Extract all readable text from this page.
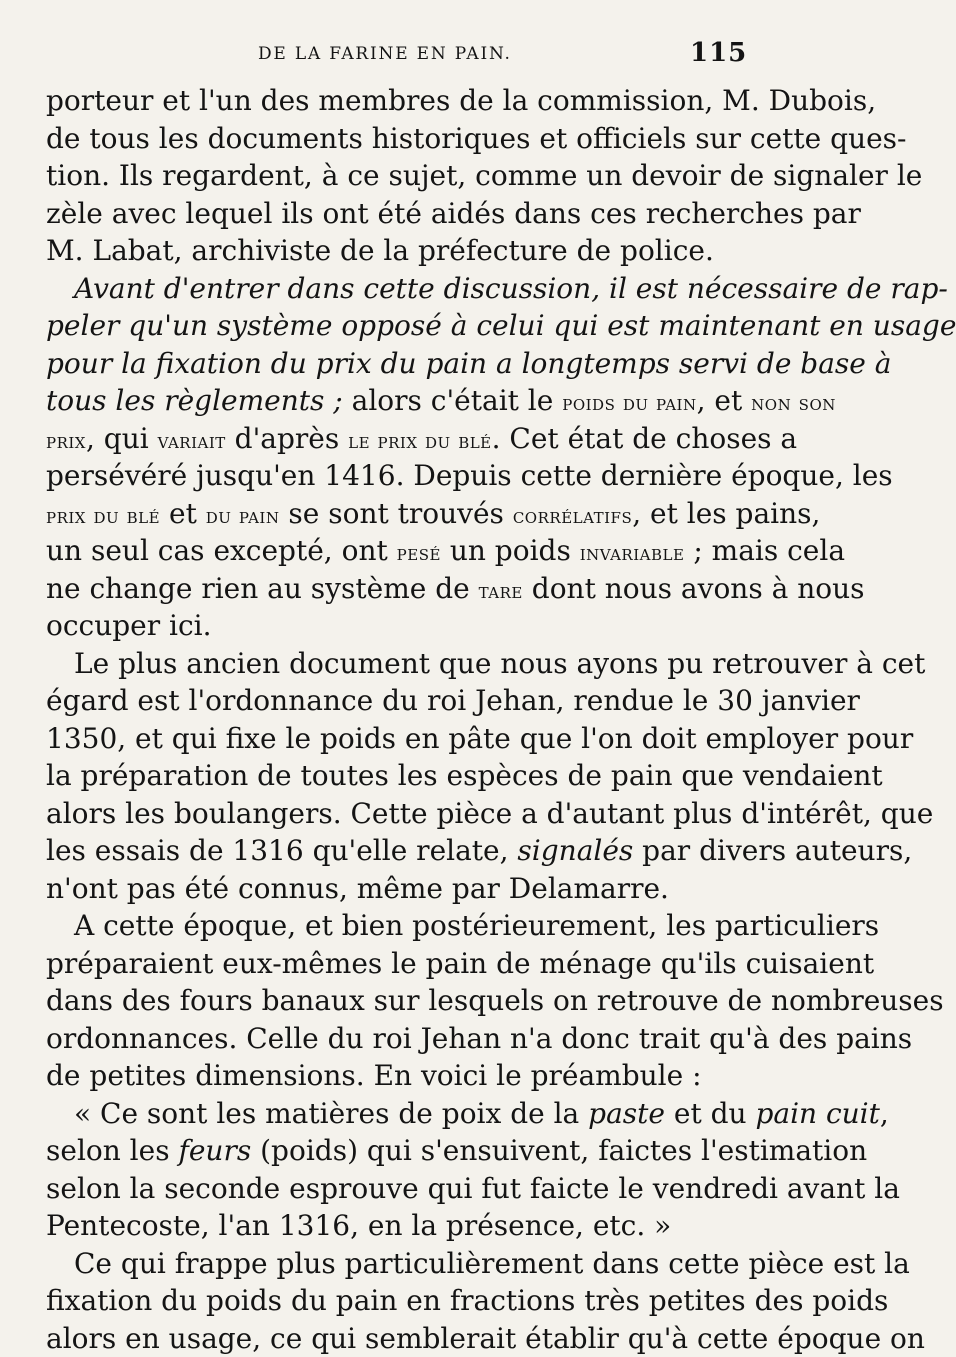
DE LA FARINE EN PAIN.	115
porteur et l'un des membres de la commission, M. Dubois,
de tous les documents historiques et officiels sur cette ques-
tion. Ils regardent, à ce sujet, comme un devoir de signaler le
zèle avec lequel ils ont été aidés dans ces recherches par
M. Labat, archiviste de la préfecture de police.
Avant d'entrer dans cette discussion, il est nécessaire de rap-
peler qu'un système opposé à celui qui est maintenant en usage
pour la fixation du prix du pain a longtemps servi de base à
tous les règlements ; alors c'était le poids du pain, et non son
prix, qui variait d'après le prix du blé. Cet état de choses a
persévéré jusqu'en 1416. Depuis cette dernière époque, les
prix du blé et du pain se sont trouvés corrélatifs, et les pains,
un seul cas excepté, ont pesé un poids invariable ; mais cela
ne change rien au système de tare dont nous avons à nous
occuper ici.
Le plus ancien document que nous ayons pu retrouver à cet
égard est l'ordonnance du roi Jehan, rendue le 30 janvier
1350, et qui fixe le poids en pâte que l'on doit employer pour
la préparation de toutes les espèces de pain que vendaient
alors les boulangers. Cette pièce a d'autant plus d'intérêt, que
les essais de 1316 qu'elle relate, signalés par divers auteurs,
n'ont pas été connus, même par Delamarre.
A cette époque, et bien postérieurement, les particuliers
préparaient eux-mêmes le pain de ménage qu'ils cuisaient
dans des fours banaux sur lesquels on retrouve de nombreuses
ordonnances. Celle du roi Jehan n'a donc trait qu'à des pains
de petites dimensions. En voici le préambule :
« Ce sont les matières de poix de la paste et du pain cuit,
selon les feurs (poids) qui s'ensuivent, faictes l'estimation
selon la seconde esprouve qui fut faicte le vendredi avant la
Pentecoste, l'an 1316, en la présence, etc. »
Ce qui frappe plus particulièrement dans cette pièce est la
fixation du poids du pain en fractions très petites des poids
alors en usage, ce qui semblerait établir qu'à cette époque on
